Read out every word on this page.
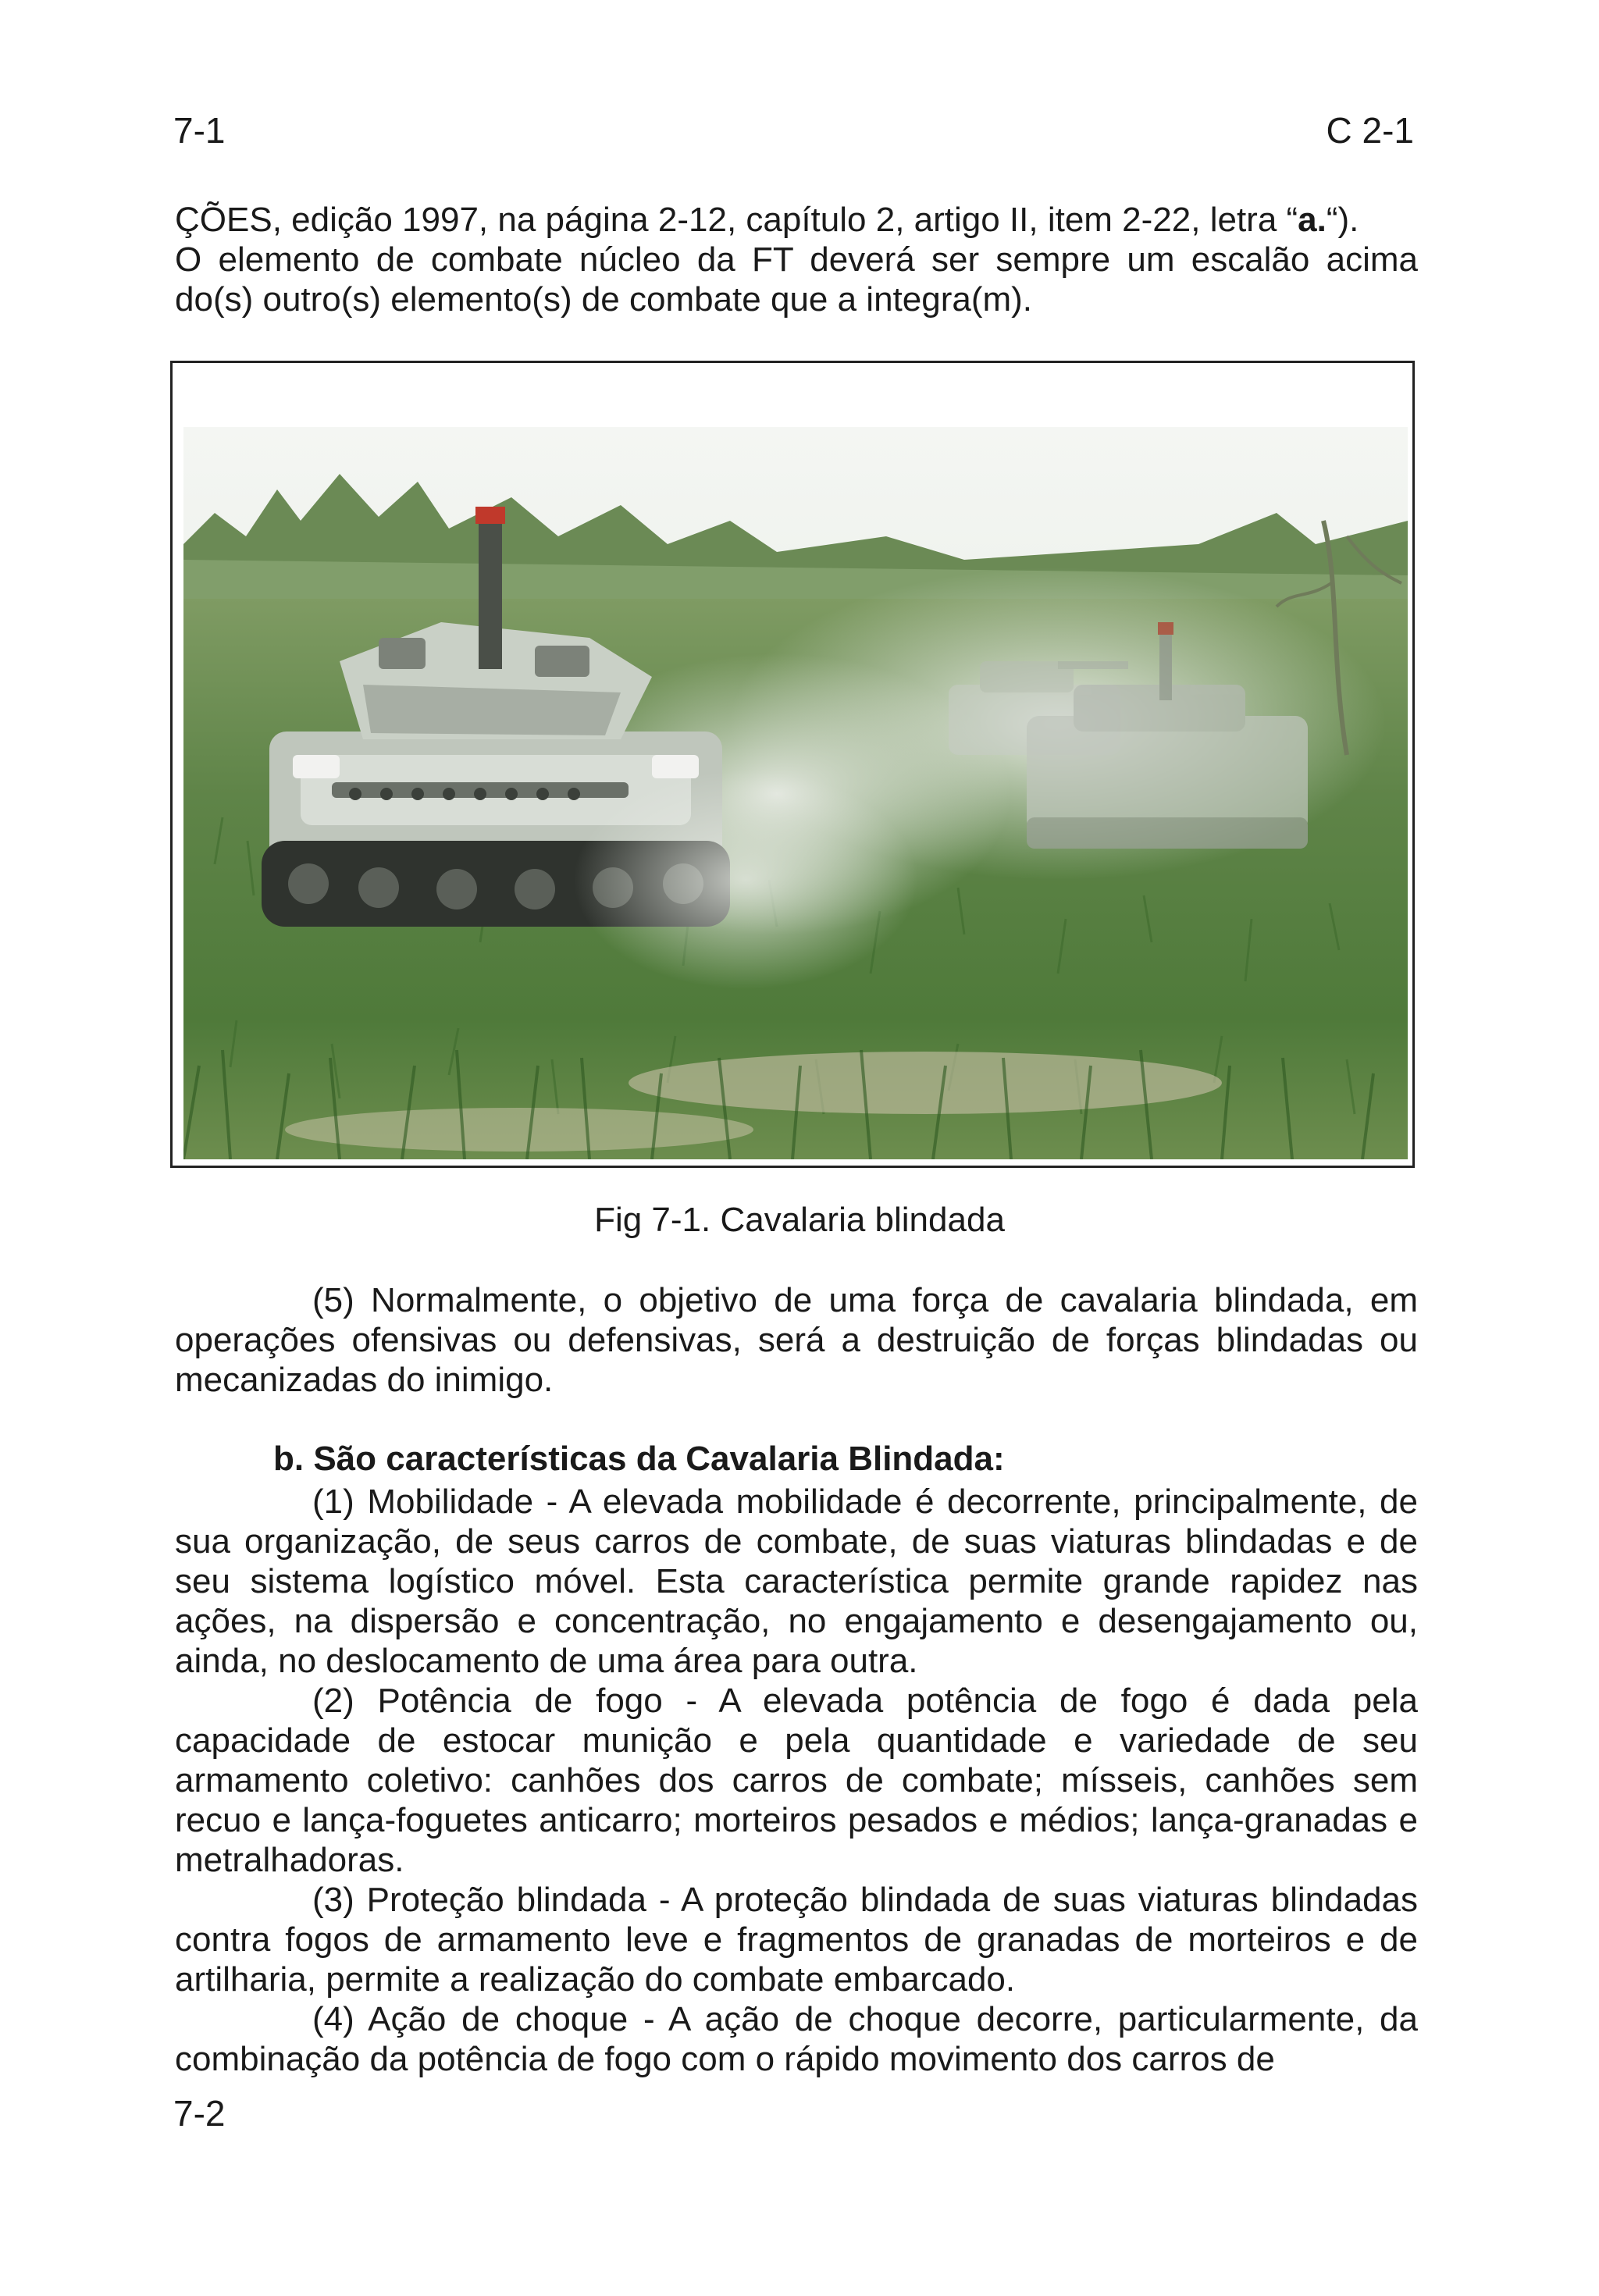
7-1	C 2-1

ÇÕES, edição 1997, na página 2-12, capítulo 2, artigo II, item 2-22, letra “a.“).

O elemento de combate núcleo da FT deverá ser sempre um escalão acima do(s) outro(s) elemento(s) de combate que a integra(m).

Fig 7-1. Cavalaria blindada

(5) Normalmente, o objetivo de uma força de cavalaria blindada, em operações ofensivas ou defensivas, será a destruição de forças blindadas ou mecanizadas do inimigo.

b. São características da Cavalaria Blindada:

(1) Mobilidade - A elevada mobilidade é decorrente, principalmente, de sua organização, de seus carros de combate, de suas viaturas blindadas e de seu sistema logístico móvel. Esta característica permite grande rapidez nas ações, na dispersão e concentração, no engajamento e desengajamento ou, ainda, no deslocamento de uma área para outra.

(2) Potência de fogo - A elevada potência de fogo é dada pela capacidade de estocar munição e pela quantidade e variedade de seu armamento coletivo: canhões dos carros de combate; mísseis, canhões sem recuo e lança-foguetes anticarro; morteiros pesados e médios; lança-granadas e metralhadoras.

(3) Proteção blindada - A proteção blindada de suas viaturas blindadas contra fogos de armamento leve e fragmentos de granadas de morteiros e de artilharia, permite a realização do combate embarcado.

(4) Ação de choque - A ação de choque decorre, particularmente, da combinação da potência de fogo com o rápido movimento dos carros de

7-2
